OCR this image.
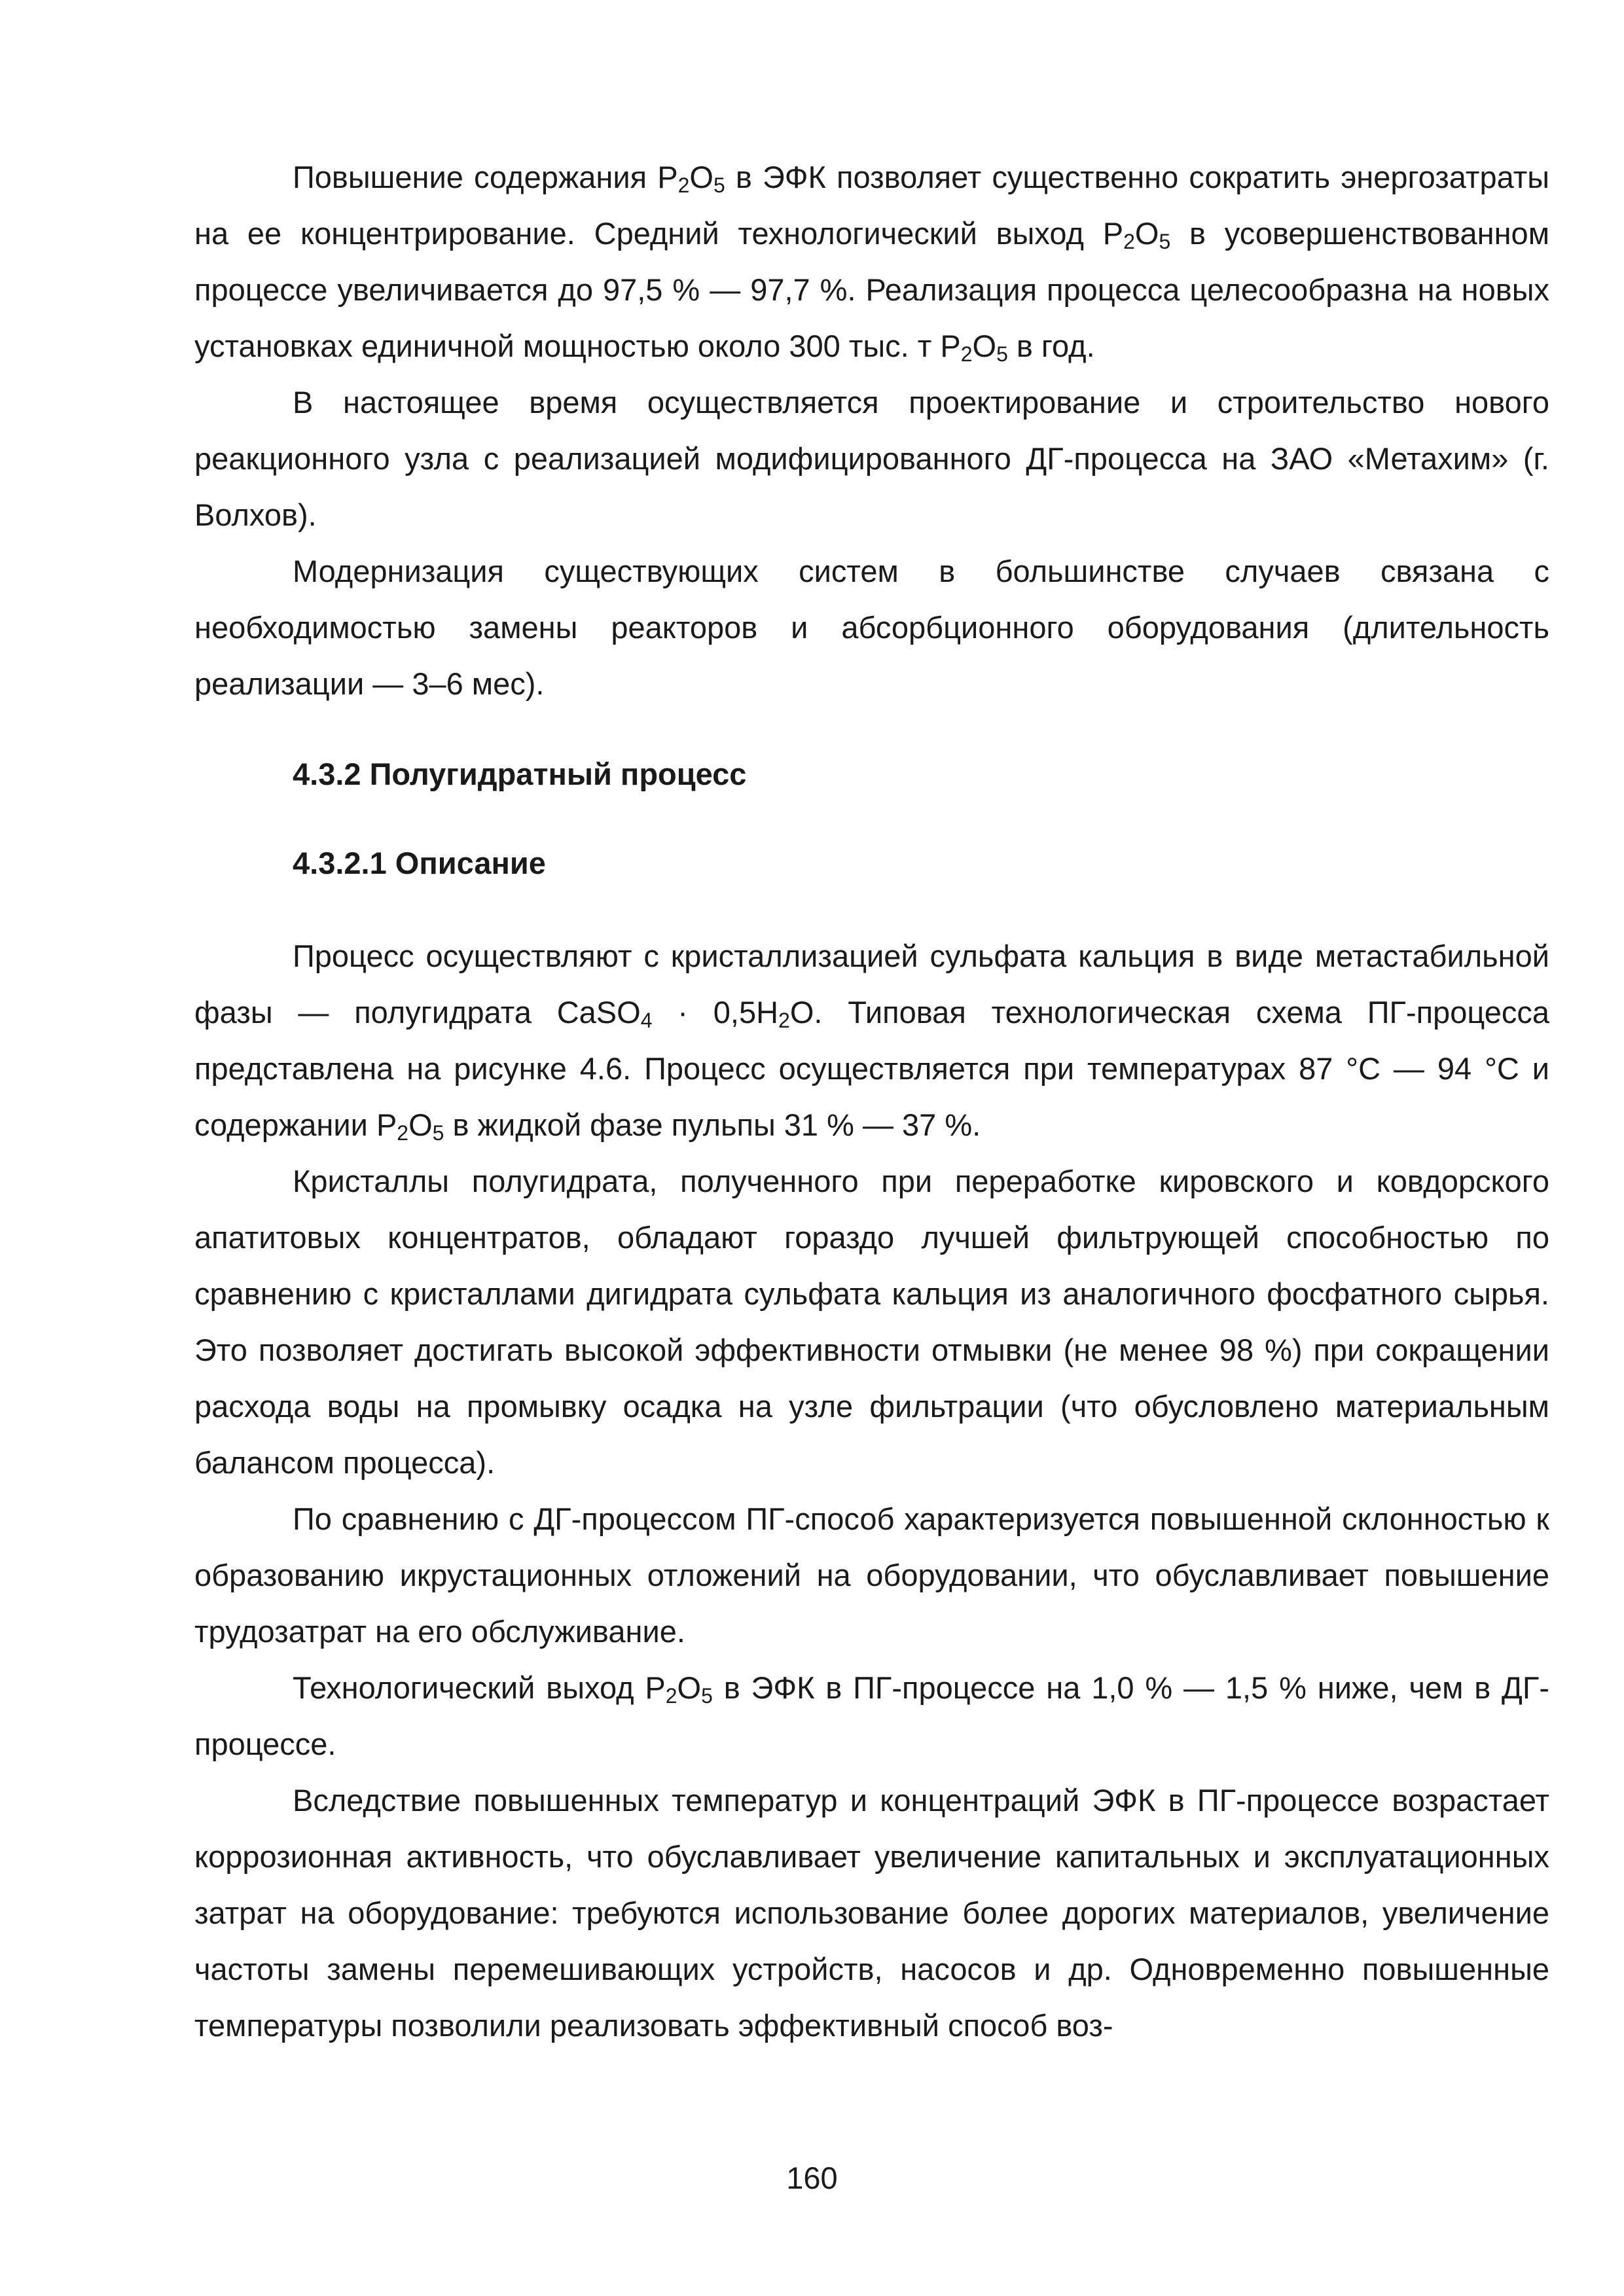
Повышение содержания $P_2O_5$ в ЭФК позволяет существенно сократить энергозатраты на ее концентрирование. Средний технологический выход $P_2O_5$ в усовершенствованном процессе увеличивается до 97,5 % — 97,7 %. Реализация процесса целесообразна на новых установках единичной мощностью около 300 тыс. т $P_2O_5$ в год.

В настоящее время осуществляется проектирование и строительство нового реакционного узла с реализацией модифицированного ДГ-процесса на ЗАО «Метахим» (г. Волхов).

Модернизация существующих систем в большинстве случаев связана с необходимостью замены реакторов и абсорбционного оборудования (длительность реализации — 3–6 мес).

4.3.2 Полугидратный процесс

4.3.2.1 Описание

Процесс осуществляют с кристаллизацией сульфата кальция в виде метастабильной фазы — полугидрата CaSO$_4$ · $0,5H_2O$. Типовая технологическая схема ПГ-процесса представлена на рисунке 4.6. Процесс осуществляется при температурах 87 °С — 94 °С и содержании $P_2O_5$ в жидкой фазе пульпы 31 % — 37 %.

Кристаллы полугидрата, полученного при переработке кировского и ковдорского апатитовых концентратов, обладают гораздо лучшей фильтрующей способностью по сравнению с кристаллами дигидрата сульфата кальция из аналогичного фосфатного сырья. Это позволяет достигать высокой эффективности отмывки (не менее 98 %) при сокращении расхода воды на промывку осадка на узле фильтрации (что обусловлено материальным балансом процесса).

По сравнению с ДГ-процессом ПГ-способ характеризуется повышенной склонностью к образованию икрустационных отложений на оборудовании, что обуславливает повышение трудозатрат на его обслуживание.

Технологический выход $P_2O_5$ в ЭФК в ПГ-процессе на 1,0 % — 1,5 % ниже, чем в ДГ-процессе.

Вследствие повышенных температур и концентраций ЭФК в ПГ-процессе возрастает коррозионная активность, что обуславливает увеличение капитальных и эксплуатационных затрат на оборудование: требуются использование более дорогих материалов, увеличение частоты замены перемешивающих устройств, насосов и др. Одновременно повышенные температуры позволили реализовать эффективный способ воз-

160
